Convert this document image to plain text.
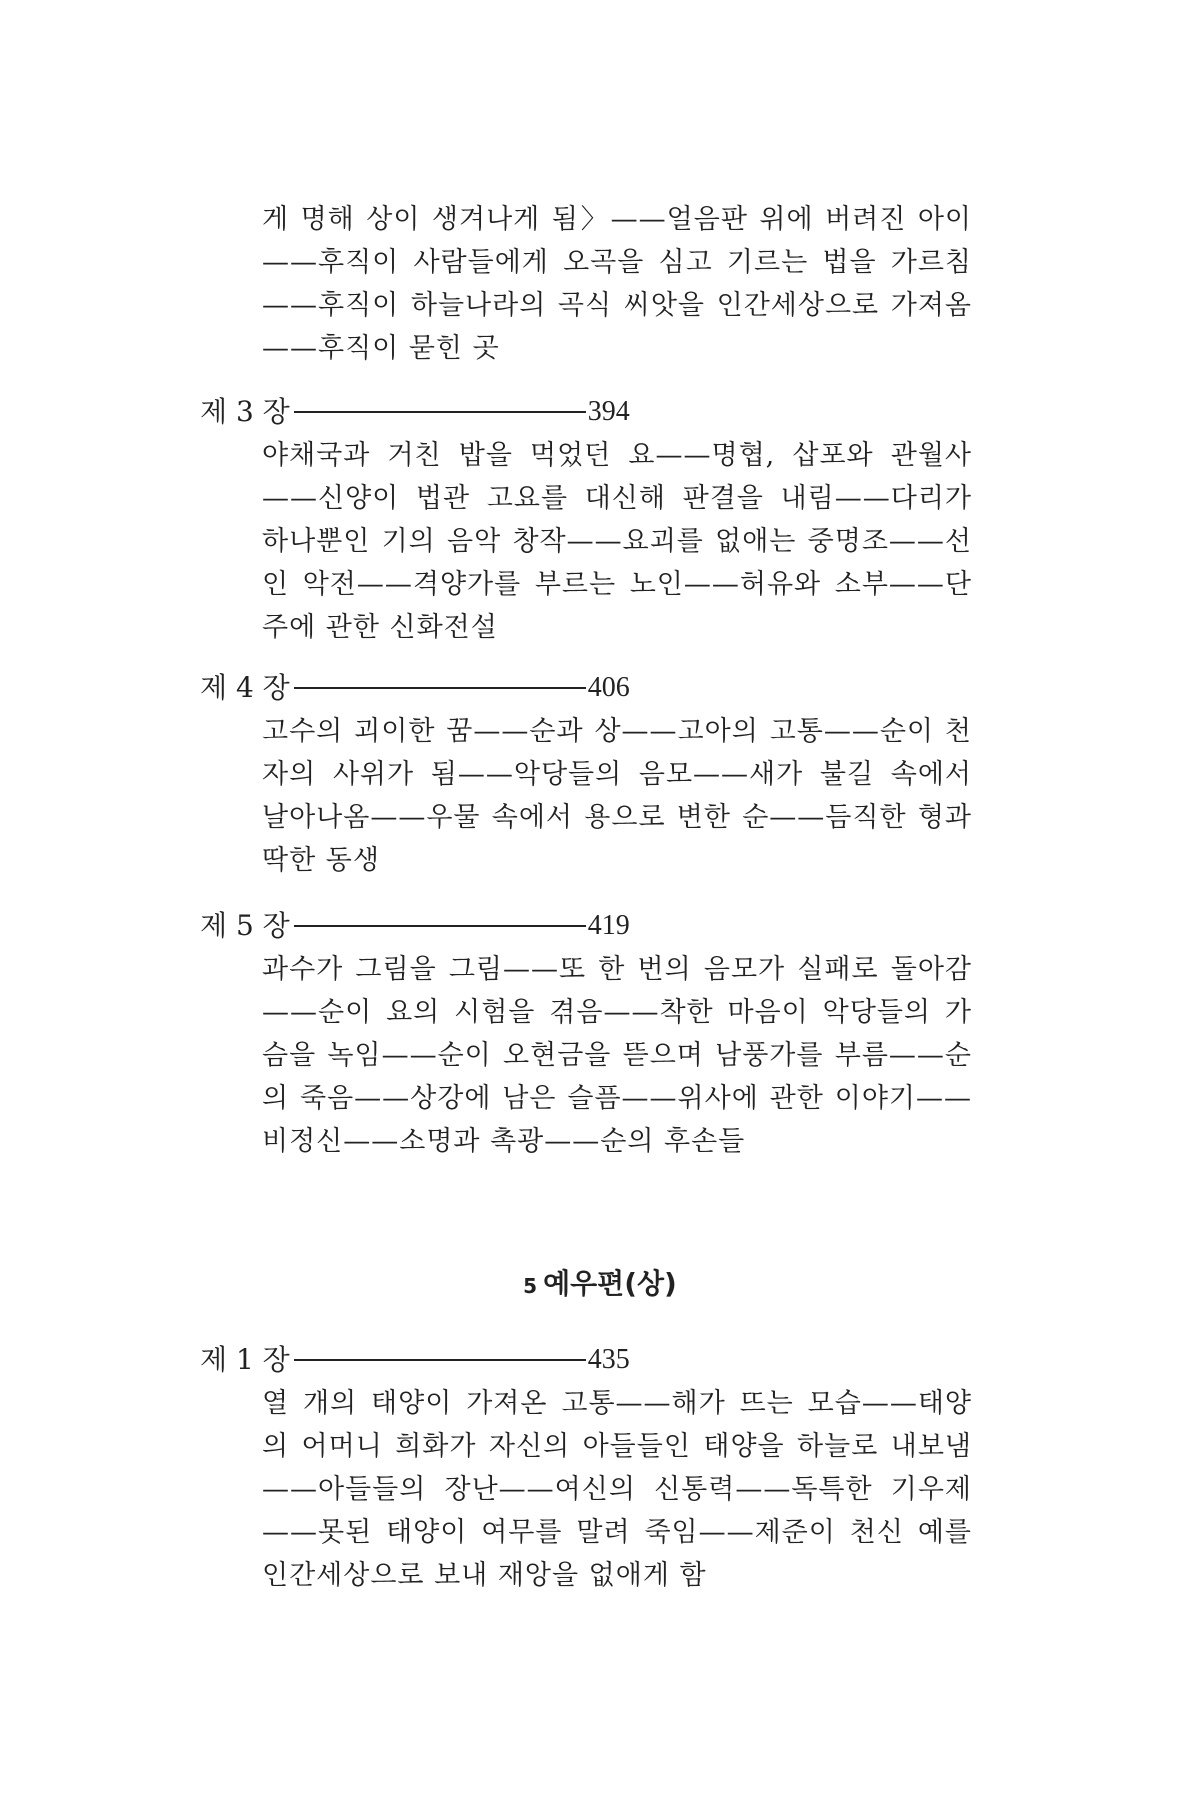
게 명해 상이 생겨나게 됨〉——얼음판 위에 버려진 아이——후직이 사람들에게 오곡을 심고 기르는 법을 가르침——후직이 하늘나라의 곡식 씨앗을 인간세상으로 가져옴——후직이 묻힌 곳

제 3 장	394

야채국과 거친 밥을 먹었던 요——명협, 삽포와 관월사——신양이 법관 고요를 대신해 판결을 내림——다리가 하나뿐인 기의 음악 창작——요괴를 없애는 중명조——선인 악전——격양가를 부르는 노인——허유와 소부——단주에 관한 신화전설

제 4 장	406

고수의 괴이한 꿈——순과 상——고아의 고통——순이 천자의 사위가 됨——악당들의 음모——새가 불길 속에서 날아나옴——우물 속에서 용으로 변한 순——듬직한 형과 딱한 동생

제 5 장	419

과수가 그림을 그림——또 한 번의 음모가 실패로 돌아감——순이 요의 시험을 겪음——착한 마음이 악당들의 가슴을 녹임——순이 오현금을 뜯으며 남풍가를 부름——순의 죽음——상강에 남은 슬픔——위사에 관한 이야기——비정신——소명과 촉광——순의 후손들

5 예우편(상)
제 1 장	435

열 개의 태양이 가져온 고통——해가 뜨는 모습——태양의 어머니 희화가 자신의 아들들인 태양을 하늘로 내보냄——아들들의 장난——여신의 신통력——독특한 기우제——못된 태양이 여무를 말려 죽임——제준이 천신 예를 인간세상으로 보내 재앙을 없애게 함
